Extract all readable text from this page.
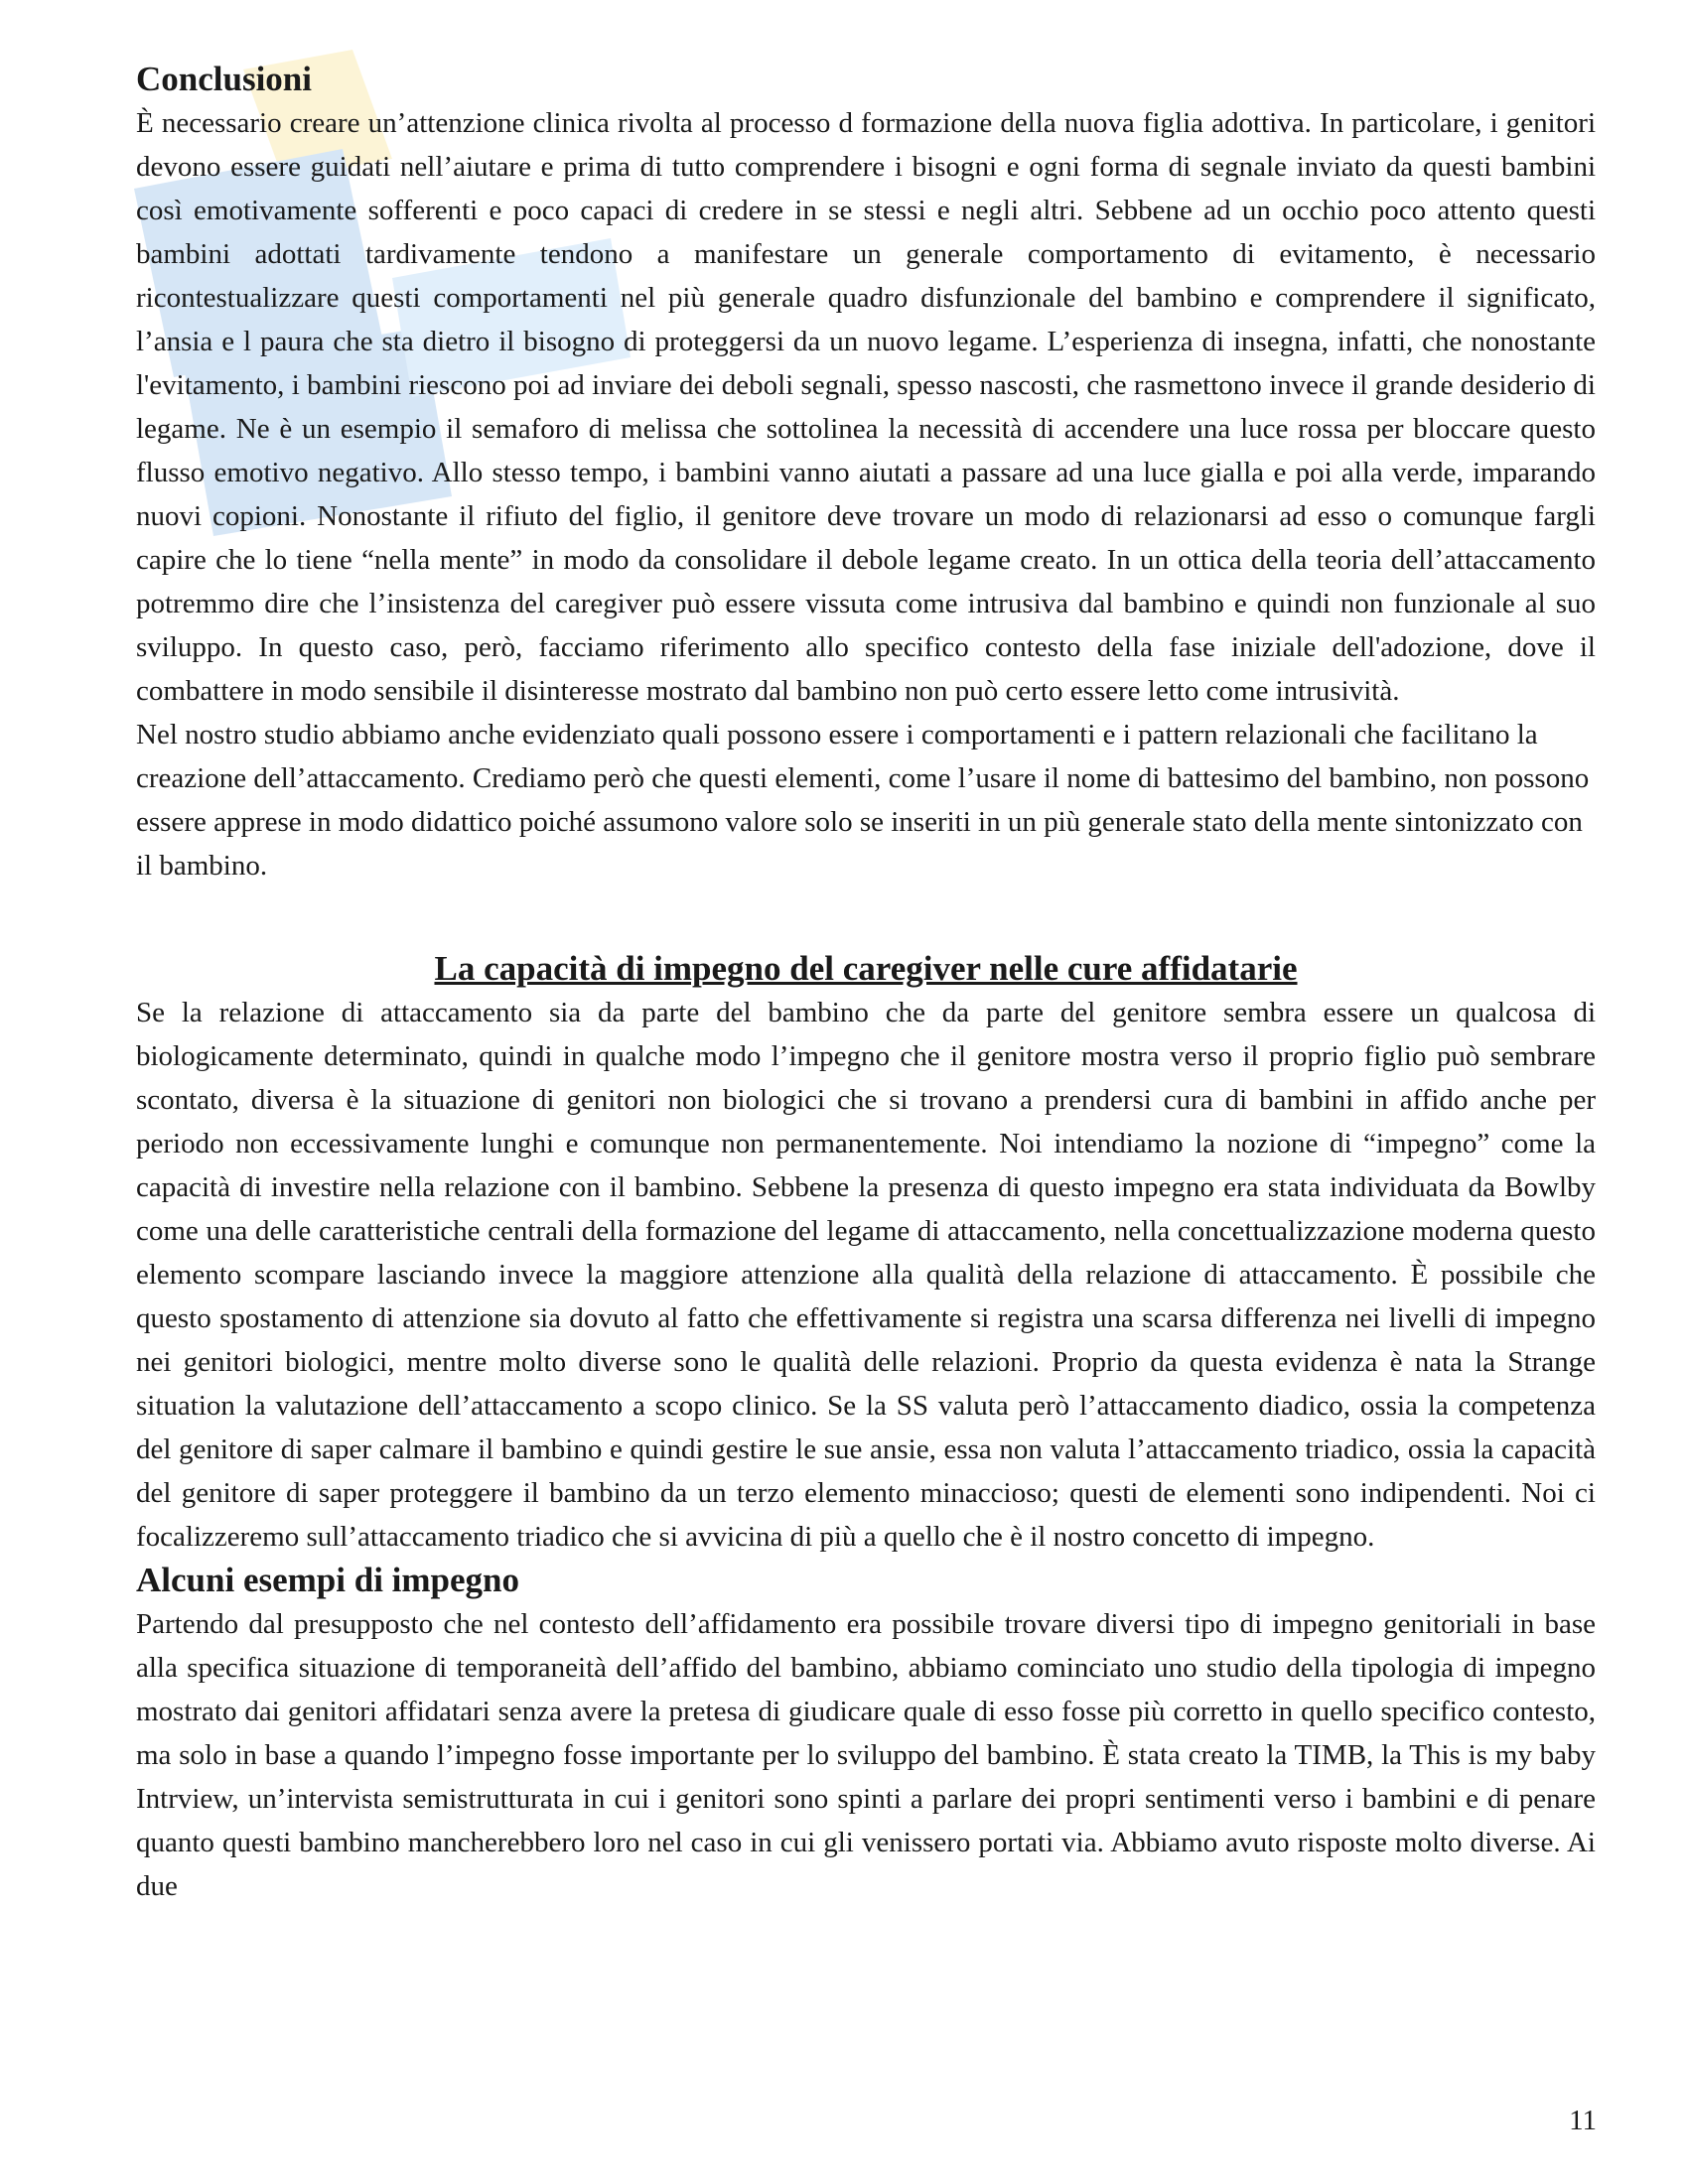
Conclusioni

È necessario creare un’attenzione clinica rivolta al processo d formazione della nuova figlia adottiva. In particolare, i genitori devono essere guidati nell’aiutare e prima di tutto comprendere i bisogni e ogni forma di segnale inviato da questi bambini così emotivamente sofferenti e poco capaci di credere in se stessi e negli altri. Sebbene ad un occhio poco attento questi bambini adottati tardivamente tendono a manifestare un generale comportamento di evitamento, è necessario ricontestualizzare questi comportamenti nel più generale quadro disfunzionale del bambino e comprendere il significato, l’ansia e l paura che sta dietro il bisogno di proteggersi da un nuovo legame. L’esperienza di insegna, infatti, che nonostante l'evitamento, i bambini riescono poi ad inviare dei deboli segnali, spesso nascosti, che rasmettono invece il grande desiderio di legame. Ne è un esempio il semaforo di melissa che sottolinea la necessità di accendere una luce rossa per bloccare questo flusso emotivo negativo. Allo stesso tempo, i bambini vanno aiutati a passare ad una luce gialla e poi alla verde, imparando nuovi copioni. Nonostante il rifiuto del figlio, il genitore deve trovare un modo di relazionarsi ad esso o comunque fargli capire che lo tiene “nella mente” in modo da consolidare il debole legame creato. In un ottica della teoria dell’attaccamento potremmo dire che l’insistenza del caregiver può essere vissuta come intrusiva dal bambino e quindi non funzionale al suo sviluppo. In questo caso, però, facciamo riferimento allo specifico contesto della fase iniziale dell'adozione, dove il combattere in modo sensibile il disinteresse mostrato dal bambino non può certo essere letto come intrusività.

Nel nostro studio abbiamo anche evidenziato quali possono essere i comportamenti e i pattern relazionali che facilitano la creazione dell’attaccamento. Crediamo però che questi elementi, come l’usare il nome di battesimo del bambino, non possono essere apprese in modo didattico poiché assumono valore solo se inseriti in un più generale stato della mente sintonizzato con il bambino.

La capacità di impegno del caregiver nelle cure affidatarie

Se la relazione di attaccamento sia da parte del bambino che da parte del genitore sembra essere un qualcosa di biologicamente determinato, quindi in qualche modo l’impegno che il genitore mostra verso il proprio figlio può sembrare scontato, diversa è la situazione di genitori non biologici che si trovano a prendersi cura di bambini in affido anche per periodo non eccessivamente lunghi e comunque non permanentemente. Noi intendiamo la nozione di “impegno” come la capacità di investire nella relazione con il bambino. Sebbene la presenza di questo impegno era stata individuata da Bowlby come una delle caratteristiche centrali della formazione del legame di attaccamento, nella concettualizzazione moderna questo elemento scompare lasciando invece la maggiore attenzione alla qualità della relazione di attaccamento. È possibile che questo spostamento di attenzione sia dovuto al fatto che effettivamente si registra una scarsa differenza nei livelli di impegno nei genitori biologici, mentre molto diverse sono le qualità delle relazioni. Proprio da questa evidenza è nata la Strange situation la valutazione dell’attaccamento a scopo clinico. Se la SS valuta però l’attaccamento diadico, ossia la competenza del genitore di saper calmare il bambino e quindi gestire le sue ansie, essa non valuta l’attaccamento triadico, ossia la capacità del genitore di saper proteggere il bambino da un terzo elemento minaccioso; questi de elementi sono indipendenti. Noi ci focalizzeremo sull’attaccamento triadico che si avvicina di più a quello che è il nostro concetto di impegno.

Alcuni esempi di impegno

Partendo dal presupposto che nel contesto dell’affidamento era possibile trovare diversi tipo di impegno genitoriali in base alla specifica situazione di temporaneità dell’affido del bambino, abbiamo cominciato uno studio della tipologia di impegno mostrato dai genitori affidatari senza avere la pretesa di giudicare quale di esso fosse più corretto in quello specifico contesto, ma solo in base a quando l’impegno fosse importante per lo sviluppo del bambino. È stata creato la TIMB, la This is my baby Intrview, un’intervista semistrutturata in cui i genitori sono spinti a parlare dei propri sentimenti verso i bambini e di penare quanto questi bambino mancherebbero loro nel caso in cui gli venissero portati via. Abbiamo avuto risposte molto diverse. Ai due

11
